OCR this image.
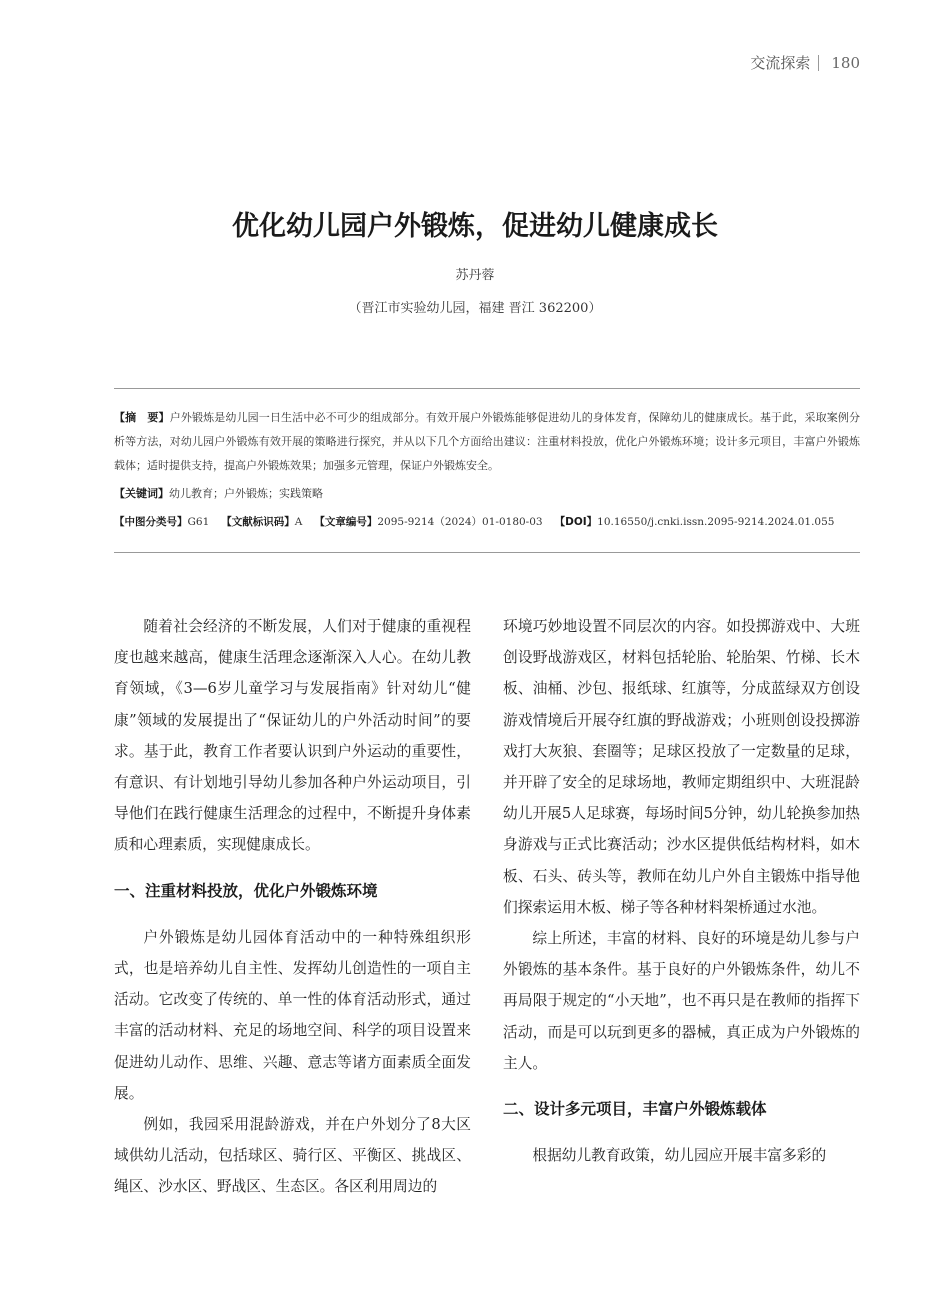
交流探索 180
优化幼儿园户外锻炼，促进幼儿健康成长
苏丹蓉
（晋江市实验幼儿园，福建 晋江 362200）

【摘　要】户外锻炼是幼儿园一日生活中必不可少的组成部分。有效开展户外锻炼能够促进幼儿的身体发育，保障幼儿的健康成长。基于此，采取案例分析等方法，对幼儿园户外锻炼有效开展的策略进行探究，并从以下几个方面给出建议：注重材料投放，优化户外锻炼环境；设计多元项目，丰富户外锻炼载体；适时提供支持，提高户外锻炼效果；加强多元管理，保证户外锻炼安全。

【关键词】幼儿教育；户外锻炼；实践策略

【中图分类号】G61 【文献标识码】A 【文章编号】2095-9214（2024）01-0180-03 【DOI】10.16550/j.cnki.issn.2095-9214.2024.01.055

随着社会经济的不断发展，人们对于健康的重视程度也越来越高，健康生活理念逐渐深入人心。在幼儿教育领域，《3—6岁儿童学习与发展指南》针对幼儿“健康”领域的发展提出了“保证幼儿的户外活动时间”的要求。基于此，教育工作者要认识到户外运动的重要性，有意识、有计划地引导幼儿参加各种户外运动项目，引导他们在践行健康生活理念的过程中，不断提升身体素质和心理素质，实现健康成长。

一、注重材料投放，优化户外锻炼环境

户外锻炼是幼儿园体育活动中的一种特殊组织形式，也是培养幼儿自主性、发挥幼儿创造性的一项自主活动。它改变了传统的、单一性的体育活动形式，通过丰富的活动材料、充足的场地空间、科学的项目设置来促进幼儿动作、思维、兴趣、意志等诸方面素质全面发展。

例如，我园采用混龄游戏，并在户外划分了8大区域供幼儿活动，包括球区、骑行区、平衡区、挑战区、绳区、沙水区、野战区、生态区。各区利用周边的

环境巧妙地设置不同层次的内容。如投掷游戏中、大班创设野战游戏区，材料包括轮胎、轮胎架、竹梯、长木板、油桶、沙包、报纸球、红旗等，分成蓝绿双方创设游戏情境后开展夺红旗的野战游戏；小班则创设投掷游戏打大灰狼、套圈等；足球区投放了一定数量的足球，并开辟了安全的足球场地，教师定期组织中、大班混龄幼儿开展5人足球赛，每场时间5分钟，幼儿轮换参加热身游戏与正式比赛活动；沙水区提供低结构材料，如木板、石头、砖头等，教师在幼儿户外自主锻炼中指导他们探索运用木板、梯子等各种材料架桥通过水池。

综上所述，丰富的材料、良好的环境是幼儿参与户外锻炼的基本条件。基于良好的户外锻炼条件，幼儿不再局限于规定的“小天地”，也不再只是在教师的指挥下活动，而是可以玩到更多的器械，真正成为户外锻炼的主人。

二、设计多元项目，丰富户外锻炼载体

根据幼儿教育政策，幼儿园应开展丰富多彩的
